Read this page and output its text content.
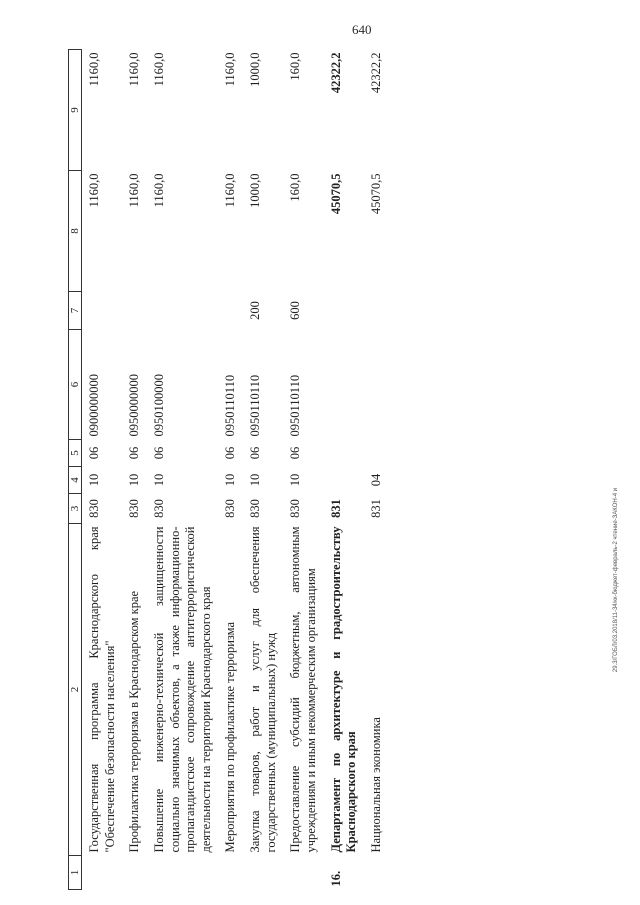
640
29.3/ГОБЛ/03.2018/11-34/кк-бюджет-февраль-2 чтение-ЗАКОН-4 и
1	2	3	4	5	6	7	8	9
	Государственная программа Краснодарского края "Обеспечение безопасности населения"	830	10	06	0900000000		1160,0	1160,0
	Профилактика терроризма в Краснодарском крае	830	10	06	0950000000		1160,0	1160,0
	Повышение инженерно-технической защищенности социально значимых объектов, а также информационно-пропагандистское сопровождение антитеррористической деятельности на территории Краснодарского края	830	10	06	0950100000		1160,0	1160,0
	Мероприятия по профилактике терроризма	830	10	06	0950110110		1160,0	1160,0
	Закупка товаров, работ и услуг для обеспечения государственных (муниципальных) нужд	830	10	06	0950110110	200	1000,0	1000,0
	Предоставление субсидий бюджетным, автономным учреждениям и иным некоммерческим организациям	830	10	06	0950110110	600	160,0	160,0
16.	Департамент по архитектуре и градостроительству Краснодарского края	831					45070,5	42322,2
	Национальная экономика	831	04				45070,5	42322,2
